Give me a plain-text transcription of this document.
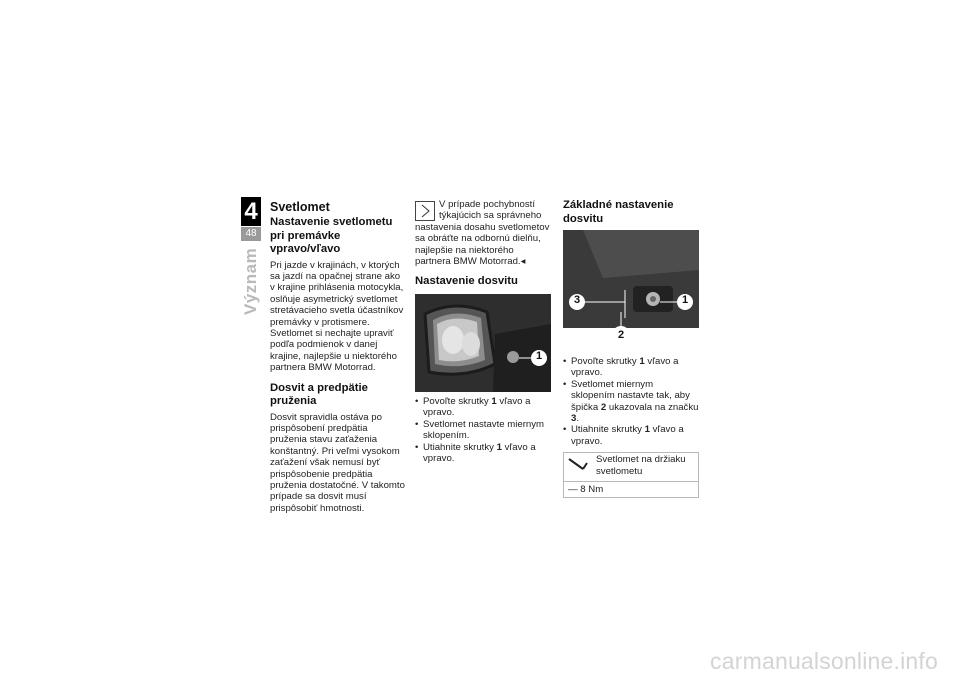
4
48
Význam
Svetlomet
Nastavenie svetlometu pri premávke vpravo/vľavo

Pri jazde v krajinách, v ktorých sa jazdí na opačnej strane ako v krajine prihlásenia motocykla, oslňuje asymetrický svetlomet stretávacieho svetla účastníkov premávky v protismere. Svetlomet si nechajte upraviť podľa podmienok v danej krajine, najlepšie u niektorého partnera BMW Motorrad.

Dosvit a predpätie pruženia

Dosvit spravidla ostáva po prispôsobení predpätia pruženia stavu zaťaženia konštantný. Pri veľmi vysokom zaťažení však nemusí byť prispôsobenie predpätia pruženia dostatočné. V takomto prípade sa dosvit musí prispôsobiť hmotnosti.

V prípade pochybností týkajúcich sa správneho nastavenia dosahu svetlometov sa obráťte na odbornú dielňu, najlepšie na niektorého partnera BMW Motorrad.◂

Nastavenie dosvitu
1
• Povoľte skrutky 1 vľavo a vpravo.
• Svetlomet nastavte miernym sklopením.
• Utiahnite skrutky 1 vľavo a vpravo.
Základné nastavenie dosvitu
3	1
2
• Povoľte skrutky 1 vľavo a vpravo.
• Svetlomet miernym sklopením nastavte tak, aby špička 2 ukazovala na značku 3.
• Utiahnite skrutky 1 vľavo a vpravo.
	Svetlomet na držiaku svetlometu
— 8 Nm
carmanualsonline.info
